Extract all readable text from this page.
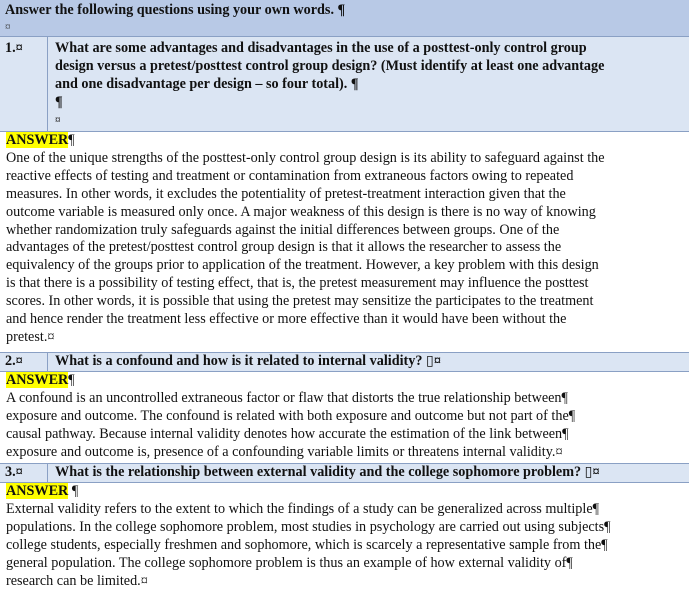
Answer the following questions using your own words. ¶
¤
1.¤ What are some advantages and disadvantages in the use of a posttest-only control group
design versus a pretest/posttest control group design? (Must identify at least one advantage
and one disadvantage per design – so four total). ¶
¶
¤

ANSWER¶

One of the unique strengths of the posttest-only control group design is its ability to safeguard against the

reactive effects of testing and treatment or contamination from extraneous factors owing to repeated

measures. In other words, it excludes the potentiality of pretest-treatment interaction given that the

outcome variable is measured only once. A major weakness of this design is there is no way of knowing

whether randomization truly safeguards against the initial differences between groups. One of the

advantages of the pretest/posttest control group design is that it allows the researcher to assess the

equivalency of the groups prior to application of the treatment. However, a key problem with this design

is that there is a possibility of testing effect, that is, the pretest measurement may influence the posttest

scores. In other words, it is possible that using the pretest may sensitize the participates to the treatment

and hence render the treatment less effective or more effective than it would have been without the

pretest.¤

2.¤ What is a confound and how is it related to internal validity? ▯¤

ANSWER¶

A confound is an uncontrolled extraneous factor or flaw that distorts the true relationship between¶

exposure and outcome. The confound is related with both exposure and outcome but not part of the¶

causal pathway. Because internal validity denotes how accurate the estimation of the link between¶

exposure and outcome is, presence of a confounding variable limits or threatens internal validity.¤

3.¤ What is the relationship between external validity and the college sophomore problem? ▯¤

ANSWER ¶

External validity refers to the extent to which the findings of a study can be generalized across multiple¶

populations. In the college sophomore problem, most studies in psychology are carried out using subjects¶

college students, especially freshmen and sophomore, which is scarcely a representative sample from the¶

general population. The college sophomore problem is thus an example of how external validity of¶

research can be limited.¤
